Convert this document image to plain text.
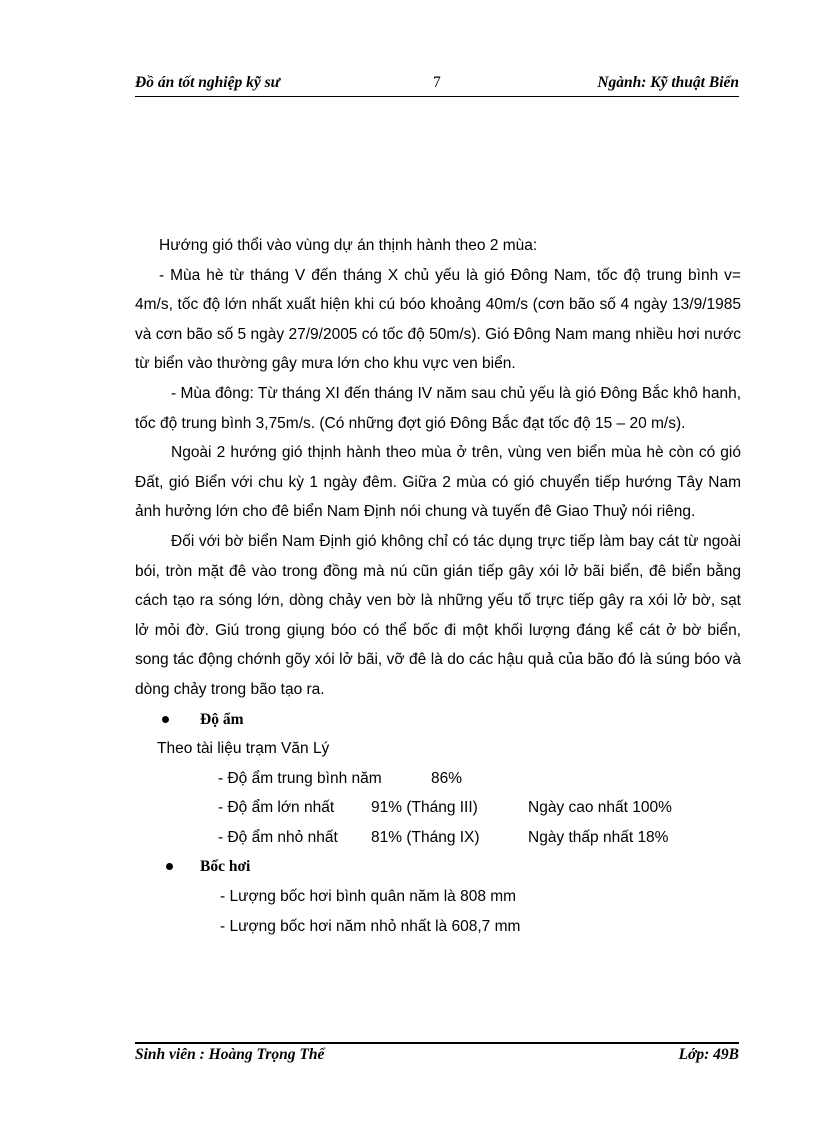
Đồ án tốt nghiệp kỹ sư	7	Ngành: Kỹ thuật Biển

Hướng gió thổi vào vùng dự án thịnh hành theo 2 mùa:

- Mùa hè từ tháng V đến tháng X chủ yếu là gió Đông Nam, tốc độ trung bình v= 4m/s, tốc độ lớn nhất xuất hiện khi cú bóo khoảng 40m/s (cơn bão số 4 ngày 13/9/1985 và cơn bão số 5 ngày 27/9/2005 có tốc độ 50m/s). Gió Đông Nam mang nhiều hơi nước từ biển vào thường gây mưa lớn cho khu vực ven biển.

- Mùa đông: Từ tháng XI đến tháng IV năm sau chủ yếu là gió Đông Bắc khô hanh, tốc độ trung bình 3,75m/s. (Có những đợt gió Đông Bắc đạt tốc độ 15 – 20 m/s).

Ngoài 2 hướng gió thịnh hành theo mùa ở trên, vùng ven biển mùa hè còn có gió Đất, gió Biển với chu kỳ 1 ngày đêm. Giữa 2 mùa có gió chuyển tiếp hướng Tây Nam ảnh hưởng lớn cho đê biển Nam Định nói chung và tuyến đê Giao Thuỷ nói riêng.

Đối với bờ biển Nam Định gió không chỉ có tác dụng trực tiếp làm bay cát từ ngoài bói, tròn mặt đê vào trong đồng mà nú cũn gián tiếp gây xói lở bãi biển, đê biển bằng cách tạo ra sóng lớn, dòng chảy ven bờ là những yếu tố trực tiếp gây ra xói lở bờ, sạt lở mỏi đờ. Giú trong giụng bóo có thể bốc đi một khối lượng đáng kể cát ở bờ biển, song tác động chớnh gõy xói lở bãi, vỡ đê là do các hậu quả của bão đó là súng bóo và dòng chảy trong bão tạo ra.

Độ ẩm

Theo tài liệu trạm Văn Lý

- Độ ẩm trung bình năm	86%
- Độ ẩm lớn nhất 91% (Tháng III)	Ngày cao nhất 100%
- Độ ẩm nhỏ nhất 81% (Tháng IX)	Ngày thấp nhất 18%
Bốc hơi
- Lượng bốc hơi bình quân năm là 808 mm
- Lượng bốc hơi năm nhỏ nhất là 608,7 mm
Sinh viên : Hoàng Trọng Thể	Lớp: 49B
